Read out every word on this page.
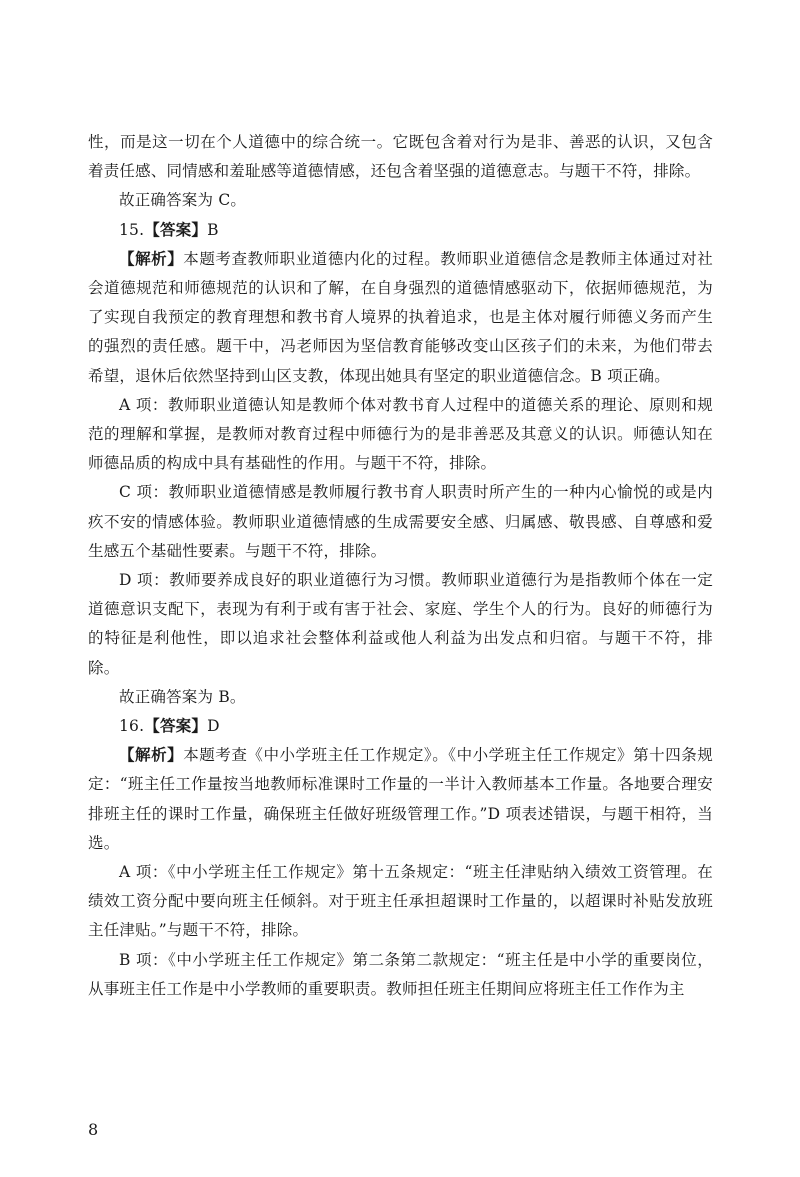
性，而是这一切在个人道德中的综合统一。它既包含着对行为是非、善恶的认识，又包含着责任感、同情感和羞耻感等道德情感，还包含着坚强的道德意志。与题干不符，排除。

故正确答案为 C。

15.【答案】B

【解析】本题考查教师职业道德内化的过程。教师职业道德信念是教师主体通过对社会道德规范和师德规范的认识和了解，在自身强烈的道德情感驱动下，依据师德规范，为了实现自我预定的教育理想和教书育人境界的执着追求，也是主体对履行师德义务而产生的强烈的责任感。题干中，冯老师因为坚信教育能够改变山区孩子们的未来，为他们带去希望，退休后依然坚持到山区支教，体现出她具有坚定的职业道德信念。B 项正确。

A 项：教师职业道德认知是教师个体对教书育人过程中的道德关系的理论、原则和规范的理解和掌握，是教师对教育过程中师德行为的是非善恶及其意义的认识。师德认知在师德品质的构成中具有基础性的作用。与题干不符，排除。

C 项：教师职业道德情感是教师履行教书育人职责时所产生的一种内心愉悦的或是内疚不安的情感体验。教师职业道德情感的生成需要安全感、归属感、敬畏感、自尊感和爱生感五个基础性要素。与题干不符，排除。

D 项：教师要养成良好的职业道德行为习惯。教师职业道德行为是指教师个体在一定道德意识支配下，表现为有利于或有害于社会、家庭、学生个人的行为。良好的师德行为的特征是利他性，即以追求社会整体利益或他人利益为出发点和归宿。与题干不符，排除。

故正确答案为 B。

16.【答案】D

【解析】本题考查《中小学班主任工作规定》。《中小学班主任工作规定》第十四条规定：“班主任工作量按当地教师标准课时工作量的一半计入教师基本工作量。各地要合理安排班主任的课时工作量，确保班主任做好班级管理工作。”D 项表述错误，与题干相符，当选。

A 项：《中小学班主任工作规定》第十五条规定：“班主任津贴纳入绩效工资管理。在绩效工资分配中要向班主任倾斜。对于班主任承担超课时工作量的，以超课时补贴发放班主任津贴。”与题干不符，排除。

B 项：《中小学班主任工作规定》第二条第二款规定：“班主任是中小学的重要岗位，从事班主任工作是中小学教师的重要职责。教师担任班主任期间应将班主任工作作为主

8
